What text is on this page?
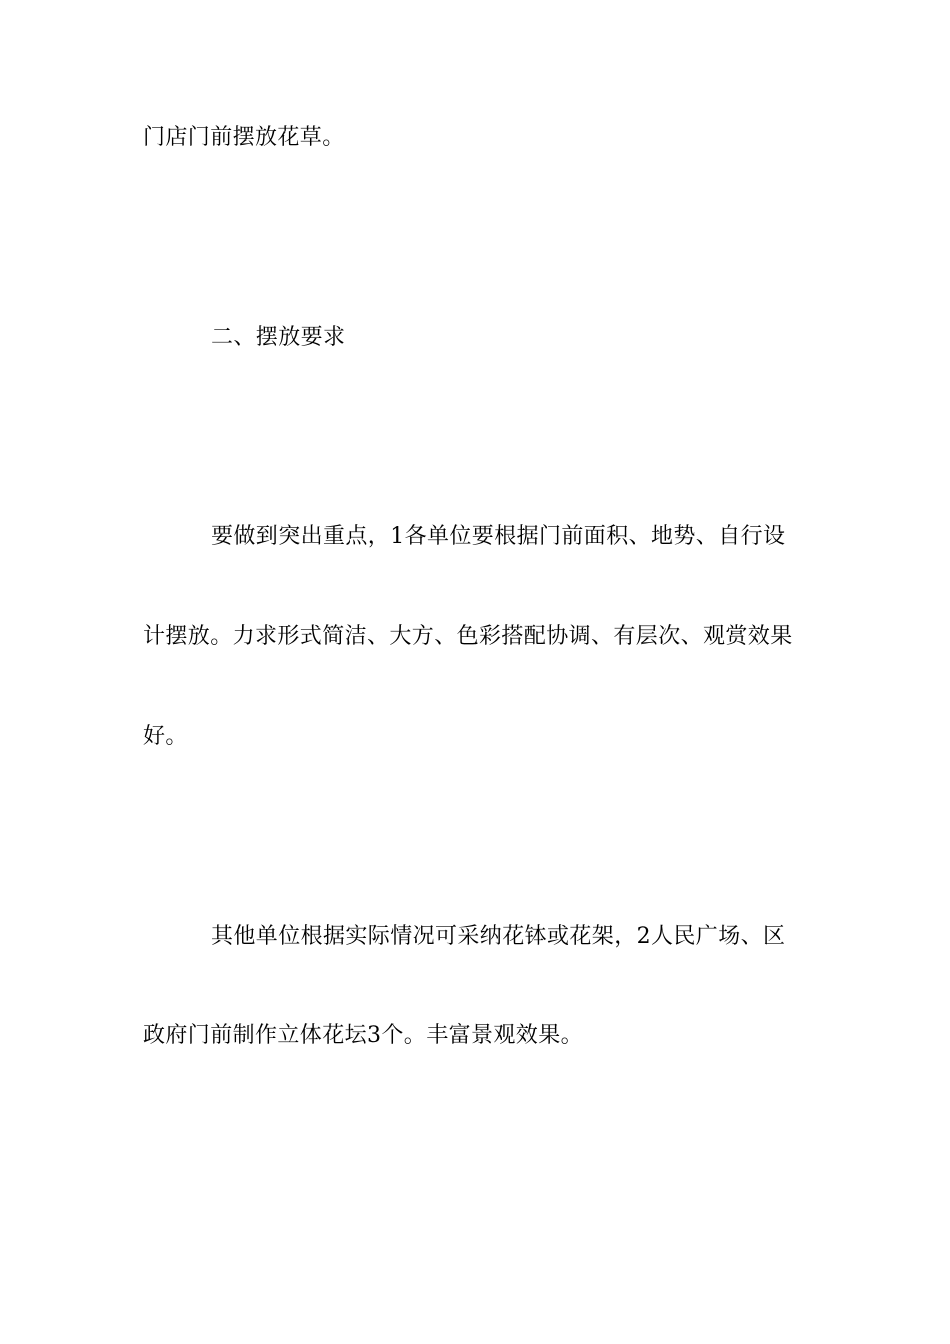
门店门前摆放花草。
二、摆放要求
要做到突出重点，1各单位要根据门前面积、地势、自行设
计摆放。力求形式简洁、大方、色彩搭配协调、有层次、观赏效果
好。
其他单位根据实际情况可采纳花钵或花架，2人民广场、区
政府门前制作立体花坛3个。丰富景观效果。
